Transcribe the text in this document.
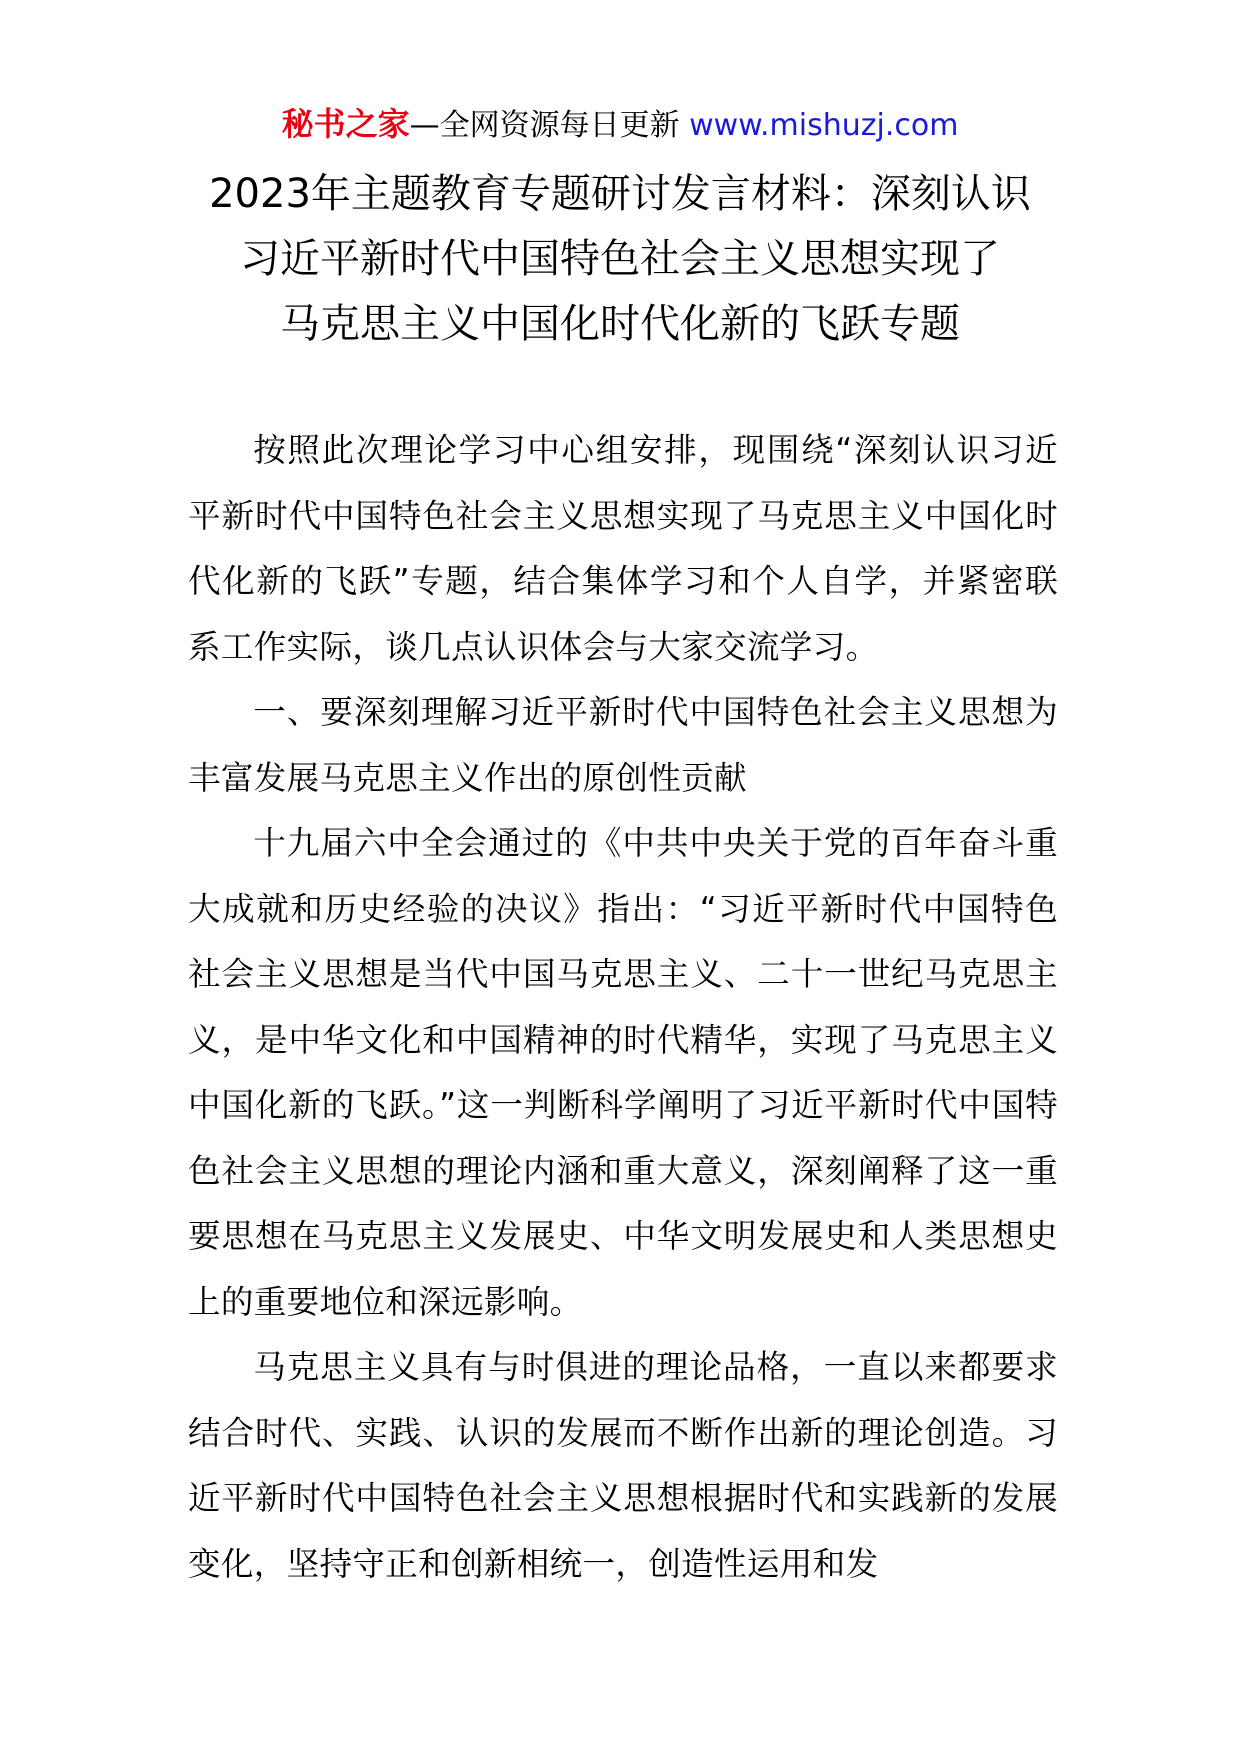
秘书之家—全网资源每日更新 www.mishuzj.com
2023年主题教育专题研讨发言材料：深刻认识
习近平新时代中国特色社会主义思想实现了
马克思主义中国化时代化新的飞跃专题

按照此次理论学习中心组安排，现围绕“深刻认识习近平新时代中国特色社会主义思想实现了马克思主义中国化时代化新的飞跃”专题，结合集体学习和个人自学，并紧密联系工作实际，谈几点认识体会与大家交流学习。

一、要深刻理解习近平新时代中国特色社会主义思想为丰富发展马克思主义作出的原创性贡献

十九届六中全会通过的《中共中央关于党的百年奋斗重大成就和历史经验的决议》指出：“习近平新时代中国特色社会主义思想是当代中国马克思主义、二十一世纪马克思主义，是中华文化和中国精神的时代精华，实现了马克思主义中国化新的飞跃。”这一判断科学阐明了习近平新时代中国特色社会主义思想的理论内涵和重大意义，深刻阐释了这一重要思想在马克思主义发展史、中华文明发展史和人类思想史上的重要地位和深远影响。

马克思主义具有与时俱进的理论品格，一直以来都要求结合时代、实践、认识的发展而不断作出新的理论创造。习近平新时代中国特色社会主义思想根据时代和实践新的发展变化，坚持守正和创新相统一，创造性运用和发
